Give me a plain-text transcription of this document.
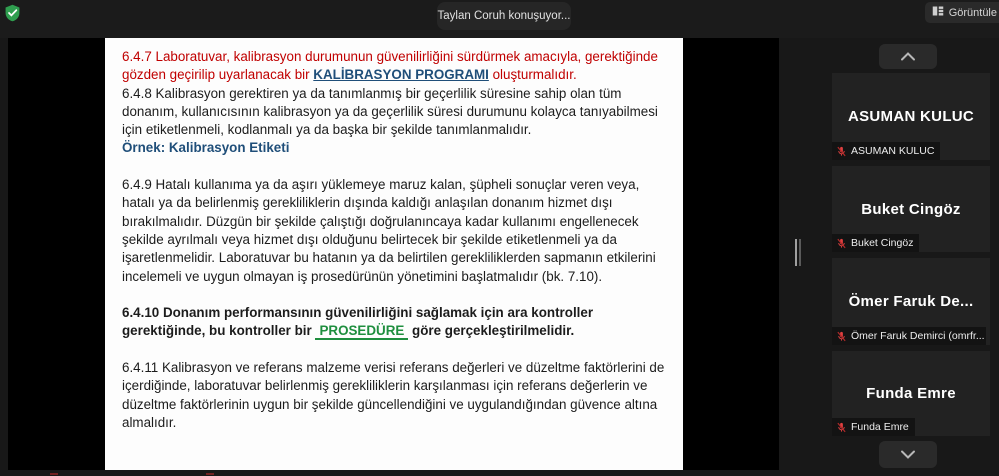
Taylan Coruh konuşuyor...	Görüntüle

6.4.7 Laboratuvar, kalibrasyon durumunun güvenilirliğini sürdürmek amacıyla, gerektiğinde gözden geçirilip uyarlanacak bir KALİBRASYON PROGRAMI oluşturmalıdır.

6.4.8 Kalibrasyon gerektiren ya da tanımlanmış bir geçerlilik süresine sahip olan tüm donanım, kullanıcısının kalibrasyon ya da geçerlilik süresi durumunu kolayca tanıyabilmesi için etiketlenmeli, kodlanmalı ya da başka bir şekilde tanımlanmalıdır.

Örnek: Kalibrasyon Etiketi

6.4.9 Hatalı kullanıma ya da aşırı yüklemeye maruz kalan, şüpheli sonuçlar veren veya, hatalı ya da belirlenmiş gerekliliklerin dışında kaldığı anlaşılan donanım hizmet dışı bırakılmalıdır. Düzgün bir şekilde çalıştığı doğrulanıncaya kadar kullanımı engellenecek şekilde ayrılmalı veya hizmet dışı olduğunu belirtecek bir şekilde etiketlenmeli ya da işaretlenmelidir. Laboratuvar bu hatanın ya da belirtilen gerekliliklerden sapmanın etkilerini incelemeli ve uygun olmayan iş prosedürünün yönetimini başlatmalıdır (bk. 7.10).

6.4.10 Donanım performansının güvenilirliğini sağlamak için ara kontroller gerektiğinde, bu kontroller bir PROSEDÜRE göre gerçekleştirilmelidir.

6.4.11 Kalibrasyon ve referans malzeme verisi referans değerleri ve düzeltme faktörlerini de içerdiğinde, laboratuvar belirlenmiş gerekliliklerin karşılanması için referans değerlerin ve düzeltme faktörlerinin uygun bir şekilde güncellendiğini ve uygulandığından güvence altına almalıdır.

ASUMAN KULUC
ASUMAN KULUC
Buket Cingöz
Buket Cingöz
Ömer Faruk De...
Ömer Faruk Demirci (omrfr...
Funda Emre
Funda Emre
